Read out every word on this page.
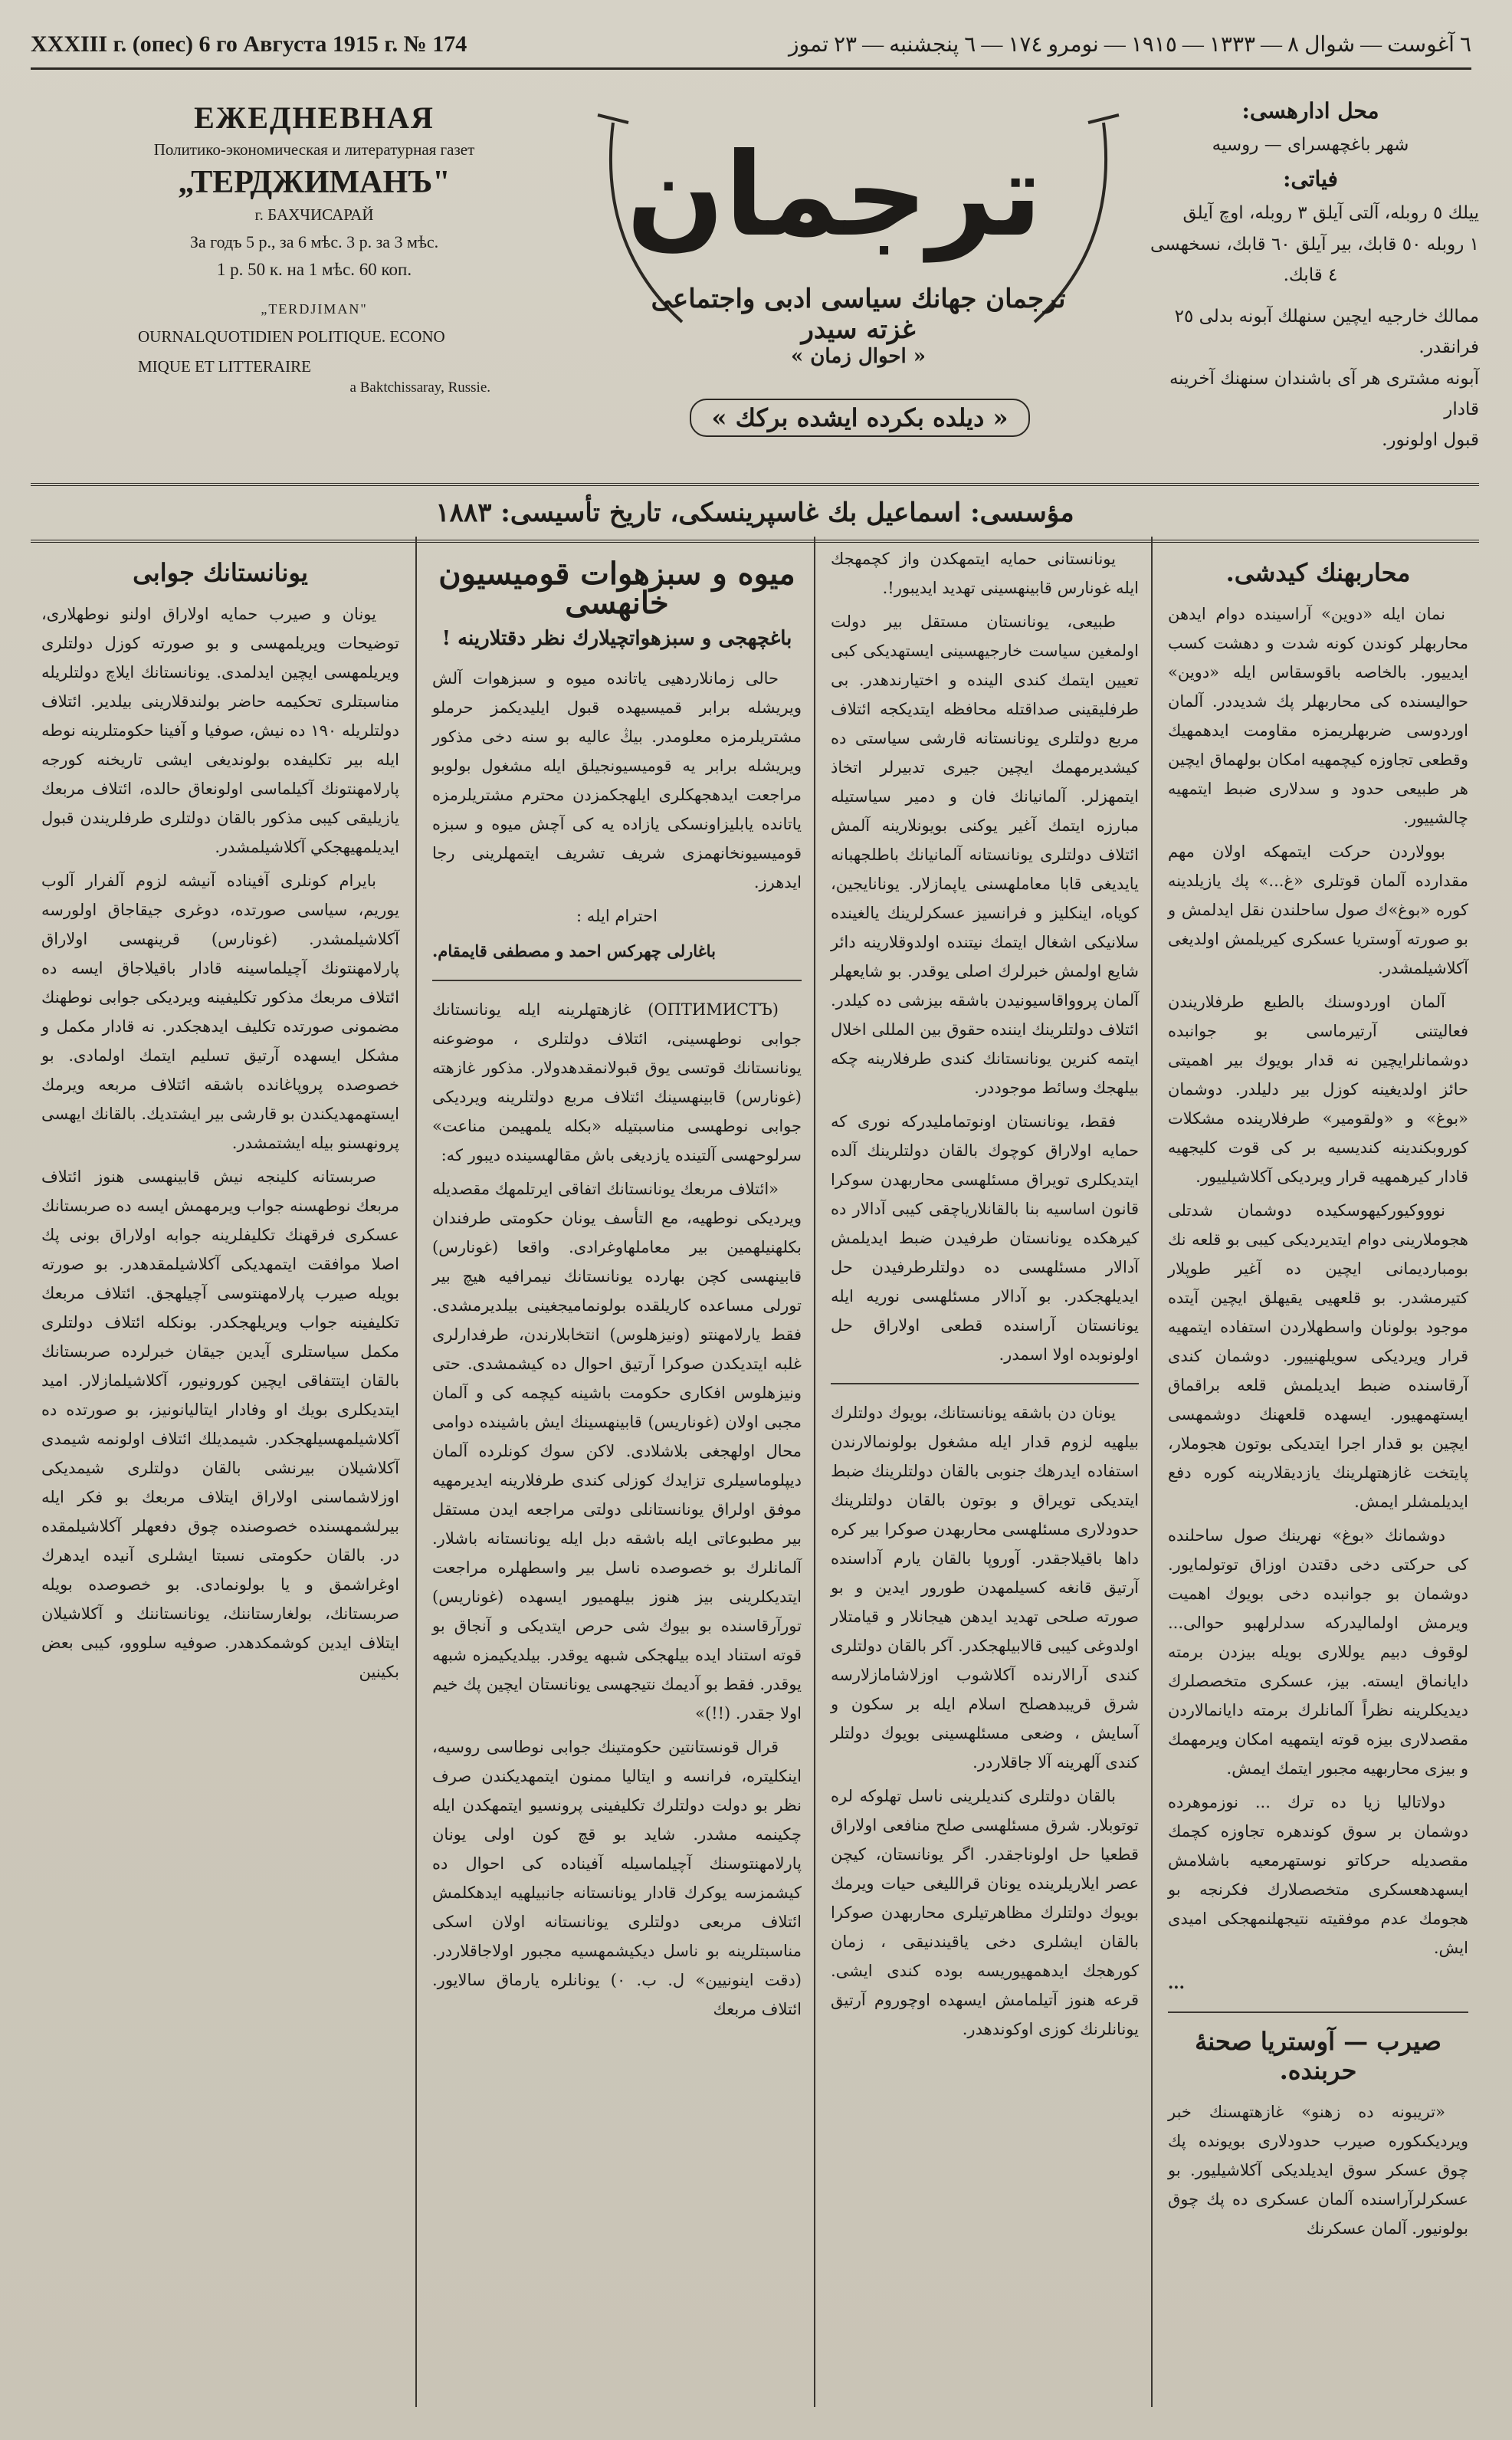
XXXIII г. (опес) 6 го Августа 1915 г. № 174	٦ آغوست — شوال ٨ — ١٣٣٣ — ١٩١٥ — نومرو ١٧٤ — ٦ پنجشنبه — ٢٣ تموز
ЕЖЕДНЕВНАЯ
Политико-экономическая и литературная газет
„ТЕРДЖИМАНЪ"
г. БАХЧИСАРАЙ
За годъ 5 р., за 6 мѣс. 3 р. за 3 мѣс.
1 р. 50 к. на 1 мѣс. 60 коп.
„TERDJIMAN"
OURNALQUOTIDIEN POLITIQUE. ECONO
MIQUE ET LITTERAIRE
a Baktchissaray, Russie.
ترجمان
ترجمان جهانك سياسى ادبى واجتماعى غزته سيدر
« احوال زمان »
« ديلده بكرده ايشده بركك »
محل ادارهسى:
شهر باغچهسراى — روسيه
فياتى:
ييلك ٥ روبله، آلتى آيلق ٣ روبله، اوچ آيلق
١ روبله ٥٠ قابك، بير آيلق ٦٠ قابك، نسخهسى
٤ قابك.
ممالك خارجيه ايچين سنهلك آبونه بدلى ٢٥ فرانقدر.
آبونه مشترى هر آى باشندان سنهنك آخرينه قادار
قبول اولونور.
مؤسسى: اسماعيل بك غاسپرينسكى، تاريخ تأسيسى: ١٨٨٣
محاربهنك كيدشى.

نمان ايله «دوين» آراسينده دوام ايدهن محاربهلر كوندن كونه شدت و دهشت كسب ايدييور. بالخاصه باقوسقاس ايله «دوين» حواليسنده كى محاربهلر پك شديددر. آلمان اوردوسى ضربهلريمزه مقاومت ايدهمهيك وقطعى تجاوزه كيچمهيه امكان بولهماق ايچين هر طبيعى حدود و سدلارى ضبط ايتمهيه چالشييور.

بوولاردن حركت ايتمهكه اولان مهم مقدارده آلمان قوتلرى «غ...» پك يازيلدينه كوره «بوغ»ك صول ساحلندن نقل ايدلمش و بو صورته آوستريا عسكرى كيريلمش اولديغى آكلاشيلمشدر.

آلمان اوردوسنك بالطبع طرفلاريندن فعاليتنى آرتيرماسى بو جوانبده دوشمانلرايچين نه قدار بويوك بير اهميتى حائز اولديغينه كوزل بير دليلدر. دوشمان «بوغ» و «ولقومير» طرفلارينده مشكلات كوروبكندينه كنديسيه بر كى قوت كليجهيه قادار كيرهمهيه قرار ويرديكى آكلاشيلييور.

نوووكيوركيهوسكيده دوشمان شدتلى هجوملارينى دوام ايتديرديكى كيبى بو قلعه نك بومبارديمانى ايچين ده آغير طوپلار كتيرمشدر. بو قلعهيى يقيهلق ايچين آيتده موجود بولونان واسطهلاردن استفاده ايتمهيه قرار ويرديكى سويلهنييور. دوشمان كندى آرقاسنده ضبط ايديلمش قلعه براقماق ايستهمهيور. ايسهده قلعهنك دوشمهسى ايچين بو قدار اجرا ايتديكى بوتون هجوملار، پايتخت غازهتهلرينك يازديقلارينه كوره دفع ايديلمشلر ايمش.

دوشمانك «بوغ» نهرينك صول ساحلنده كى حركتى دخى دقتدن اوزاق توتولمايور. دوشمان بو جوانبده دخى بويوك اهميت ويرمش اولماليدرکه سدلرلهبو حوالى... لوقوف دبيم يوللارى بويله بيزدن برمته دايانماق ايسته. بيز، عسكرى متخصصلرك ديديكلرينه نظراً آلمانلرك برمته دايانمالاردن مقصدلارى بيزه قوته ايتمهيه امكان ويرمهمك و بيزى محاربهيه مجبور ايتمك ايمش.

دولاتاليا زيا ده ترك ... نوزموهرده دوشمان بر سوق كوندهره تجاوزه كچمك مقصديله حركاتو نوستهرمعيه باشلامش ايسهدهعسكرى متخصصلارك فكرنجه بو هجومك عدم موفقيته نتيجهلنمهجكى اميدى ايش.

...
صيرب — آوستريا صحنهٔ حربنده.

«تريبونه ده زهنو» غازهتهسنك خبر ويرديكىكوره صيرب حدودلارى بويونده پك چوق عسكر سوق ايديلديكى آكلاشيليور. بو عسكرلرآراسنده آلمان عسكرى ده پك چوق بولونيور. آلمان عسكرنك

يونانستانى حمايه ايتمهكدن واز كچمهجك ايله غونارس قابينهسينى تهديد ايديبور!.

طبيعى، يونانستان مستقل بير دولت اولمغين سياست خارجيهسينى ايستهديكى كبى تعيين ايتمك كندى الينده و اختيارندهدر. بى طرفليقينى صداقتله محافظه ايتديكجه ائتلاف مربع دولتلرى يونانستانه قارشى سياستى ده كيشديرمهمك ايچين جيرى تدبيرلر اتخاذ ايتمهزلر. آلمانيانك فان و دمير سياستيله مبارزه ايتمك آغير يوكنى بويونلارينه آلمش ائتلاف دولتلرى يونانستانه آلمانيانك باطلجهبانه يايديغى قابا معاملهسنى ياپمازلار. يونانايجين، كوياه، اينكليز و فرانسيز عسكرلرينك يالغينده سلانيكى اشغال ايتمك نيتنده اولدوقلارينه دائر شايع اولمش خبرلرك اصلى يوقدر. بو شايعهلر آلمان پروواقاسيونيدن باشقه بيزشى ده كيلدر. ائتلاف دولتلرينك ايننده حقوق بين المللى اخلال ايتمه كنرين يونانستانك كندى طرفلارينه چكه بيلهجك وسائط موجوددر.

فقط، يونانستان اونوتمامليدركه نورى كه حمايه اولاراق كوچوك بالقان دولتلرينك آلده ايتديكلرى تويراق مسئلهسى محاربهدن سوكرا قانون اساسيه بنا بالقانلارياچقى كيبى آدالار ده كيرهكده يونانستان طرفيدن ضبط ايديلمش آدالار مسئلهسى ده دولتلرطرفيدن حل ايديلهجكدر. بو آدالار مسئلهسى نوريه ايله يونانستان آراسنده قطعى اولاراق حل اولونوبده اولا اسمدر.

يونان دن باشقه يونانستانك، بويوك دولتلرك بيلهيه لزوم قدار ايله مشغول بولونمالارندن استفاده ايدرهك جنوبى بالقان دولتلرينك ضبط ايتديكى تويراق و بوتون بالقان دولتلرينك حدودلارى مسئلهسى محاربهدن صوكرا بير كره داها باقيلاجقدر. آوروپا بالقان يارم آداسنده آرتيق قانغه كسيلمهدن طورور ايدين و بو صورته صلحى تهديد ايدهن هيجانلار و قيامتلار اولدوغى كيبى قالابيلهجكدر. آكر بالقان دولتلرى كندى آرالارنده آكلاشوب اوزلاشامازلارسه شرق قريبدهصلح اسلام ايله بر سكون و آسايش ، وضعى مسئلهسينى بويوك دولتلر كندى آلهرينه آلا جاقلاردر.

بالقان دولتلرى كنديلرينى ناسل تهلوكه لره توتوبلار. شرق مسئلهسى صلح منافعى اولاراق قطعيا حل اولوناجقدر. اگر يونانستان، كيچن عصر ايلاريلرينده يونان قرالليغى حيات ويرمك بويوك دولتلرك مظاهرتيلرى محاربهدن صوكرا بالقان ايشلرى دخى ياقيندنيقى ، زمان كورهجك ايدهمهيوريسه بوده كندى ايشى. قرعه هنوز آتيلمامش ايسهده اوچوروم آرتيق يونانلرنك كوزى اوكوندهدر.

ميوه و سبزهوات قوميسيون خانهسى
باغچهجى و سبزهواتچيلارك نظر دقتلارينه !

حالى زمانلاردهيى ياتانده ميوه و سبزهوات آلش ويريشله برابر قميسيهده قبول ايليديكمز حرملو مشتريلرمزه معلومدر. بيڭ عاليه بو سنه دخى مذكور ويريشله برابر يه قوميسيونجيلق ايله مشغول بولوبو مراجعت ايدهجهكلرى ايلهجكمزدن محترم مشتريلرمزه ياتانده يابليزاونسكى يازاده يه كى آچش ميوه و سبزه قوميسيونخانهمزى شريف تشريف ايتمهلرينى رجا ايدهرز.

احترام ايله :
باغارلى چهركس احمد و مصطفى قايمقام.

(OПТИМИСТЪ) غازهتهلرينه ايله يونانستانك جوابى نوطهسينى، ائتلاف دولتلرى ، موضوعنه يونانستانك قوتسى يوق قبولانمقدهدولار. مذكور غازهته (غونارس) قابينهسينك ائتلاف مربع دولتلرينه ويرديكى جوابى نوطهسى مناسبتيله «بكله يلمهيمن مناعت» سرلوحهسى آلتينده يازديغى باش مقالهسينده ديبور كه:

«ائتلاف مربعك يونانستانك اتفاقى ايرتلمهك مقصديله ويرديكى نوطهيه، مع التأسف يونان حكومتى طرفندان بكلهنيلهمين بير معاملهاوغرادى. واقعا (غونارس) قابينهسى كچن بهارده يونانستانك نيمرافيه هيچ بير تورلى مساعده كاريلقده بولونماميجغينى بيلديرمشدى. فقط يارلامهنتو (ونيزهلوس) انتخابلارندن، طرفدارلرى غلبه ايتديكدن صوكرا آرتيق احوال ده كيشمشدى. حتى ونيزهلوس افكارى حكومت باشينه كيچمه كى و آلمان مجبى اولان (غوناريس) قابينهسينك ايش باشينده دوامى محال اولهجغى بلاشلادى. لاكن سوك كونلرده آلمان ديپلوماسيلرى تزايدك كوزلى كندى طرفلارينه ايديرمهيه موفق اولراق يونانستانلى دولتى مراجعه ايدن مستقل بير مطبوعاتى ايله باشقه دبل ايله يونانستانه باشلار. آلمانلرك بو خصوصده ناسل بير واسطهلره مراجعت ايتديكلرينى بيز هنوز بيلهميور ايسهده (غوناريس) تورآرقاسنده بو بيوك شى حرص ايتديكى و آنجاق بو قوته استناد ايده بيلهجكى شبهه يوقدر. بيلديكيمزه شبهه يوقدر. فقط بو آديمك نتيجهسى يونانستان ايچين پك خيم اولا جقدر. (!!)»

قرال قونستانتين حكومتينك جوابى نوطاسى روسيه، اينكليتره، فرانسه و ايتاليا ممنون ايتمهديكندن صرف نظر بو دولت دولتلرك تكليفينى پرونسيو ايتمهكدن ايله چكينمه مشدر. شايد بو قچ كون اولى يونان پارلامهنتوسنك آچيلماسيله آفيناده كى احوال ده كيشمزسه يوكرك قادار يونانستانه جانبيلهيه ايدهكلمش ائتلاف مربعى دولتلرى يونانستانه اولان اسكى مناسبتلرينه بو ناسل ديكيشمهسيه مجبور اولاجاقلاردر. (دقت اينونيين» ل. ب. ۰) يونانلره يارماق سالايور. ائتلاف مربعك

يونانستانك جوابى

يونان و صيرب حمايه اولاراق اولنو نوطهلارى، توضيحات ويريلمهسى و بو صورته كوزل دولتلرى ويريلمهسى ايچين ايدلمدى. يونانستانك ايلاچ دولتلريله مناسبتلرى تحكيمه حاضر بولندقلارينى بيلدير. ائتلاف دولتلريله ١٩٠ ده نيش، صوفيا و آفينا حكومتلرينه نوطه ايله بير تكليفده بولونديغى ايشى تاريخنه كورجه پارلامهنتونك آكيلماسى اولونعاق حالده، ائتلاف مربعك يازيليقى كيبى مذكور بالقان دولتلرى طرفلريندن قبول ايديلمهيهجكي آكلاشيلمشدر.

بايرام كونلرى آفيناده آنيشه لزوم آلفرار آلوب يوريم، سياسى صورتده، دوغرى جيقاجاق اولورسه آكلاشيلمشدر. (غونارس) قرينهسى اولاراق پارلامهنتونك آچيلماسينه قادار باقيلاجاق ايسه ده ائتلاف مربعك مذكور تكليفينه ويرديكى جوابى نوطهنك مضمونى صورتده تكليف ايدهجكدر. نه قادار مكمل و مشكل ايسهده آرتيق تسليم ايتمك اولمادى. بو خصوصده پروپاغانده باشقه ائتلاف مربعه ويرمك ايستهمهديكندن بو قارشى بير ايشتديك. بالقانك ايهسى پرونهسنو بيله ايشتمشدر.

صربستانه كلينجه نيش قابينهسى هنوز ائتلاف مربعك نوطهسنه جواب ويرمهمش ايسه ده صربستانك عسكرى فرقهنك تكليفلرينه جوابه اولاراق بونى پك اصلا موافقت ايتمهديكى آكلاشيلمقدهدر. بو صورته بويله صيرب پارلامهنتوسى آچيلهجق. ائتلاف مربعك تكليفينه جواب ويريلهجكدر. بونكله ائتلاف دولتلرى مكمل سياستلرى آيدين جيقان خبرلرده صربستانك بالقان ايتتفاقى ايچين كورونيور، آكلاشيلمازلار. اميد ايتديكلرى بويك او وفادار ايتاليانونيز، بو صورتده ده آكلاشيلمهسيلهجكدر. شيمديلك ائتلاف اولونمه شيمدى آكلاشيلان بيرنشى بالقان دولتلرى شيمديكى اوزلاشماسنى اولاراق ايتلاف مربعك بو فكر ايله بيرلشمهسنده خصوصنده چوق دفعهلر آكلاشيلمقده در. بالقان حكومتى نسبتا ايشلرى آنيده ايدهرك اوغراشمق و يا بولونمادى. بو خصوصده بويله صربستانك، بولغارستاننك، يونانستاننك و آكلاشيلان ايتلاف ايدين كوشمكدهدر. صوفيه سلووو، كيبى بعض بكينين
